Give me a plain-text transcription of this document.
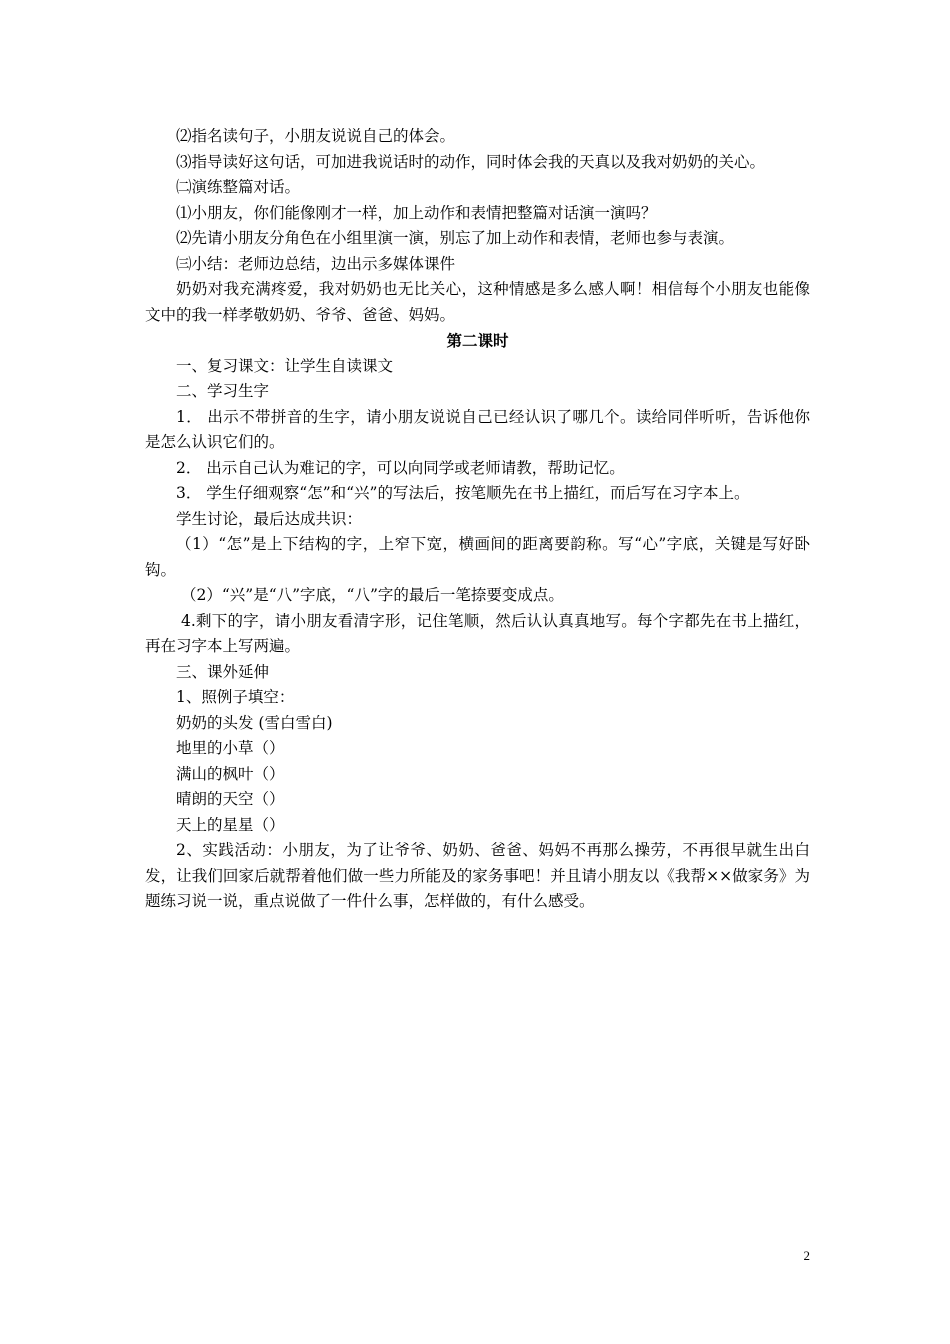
⑵指名读句子，小朋友说说自己的体会。

⑶指导读好这句话，可加进我说话时的动作，同时体会我的天真以及我对奶奶的关心。

㈡演练整篇对话。

⑴小朋友，你们能像刚才一样，加上动作和表情把整篇对话演一演吗？

⑵先请小朋友分角色在小组里演一演，别忘了加上动作和表情，老师也参与表演。

㈢小结：老师边总结，边出示多媒体课件

奶奶对我充满疼爱，我对奶奶也无比关心，这种情感是多么感人啊！相信每个小朋友也能像文中的我一样孝敬奶奶、爷爷、爸爸、妈妈。

第二课时

一、复习课文：让学生自读课文

二、学习生字

1． 出示不带拼音的生字，请小朋友说说自己已经认识了哪几个。读给同伴听听，告诉他你是怎么认识它们的。

2． 出示自己认为难记的字，可以向同学或老师请教，帮助记忆。

3． 学生仔细观察“怎”和“兴”的写法后，按笔顺先在书上描红，而后写在习字本上。

学生讨论，最后达成共识：

（1）“怎”是上下结构的字，上窄下宽，横画间的距离要韵称。写“心”字底，关键是写好卧钩。

（2）“兴”是“八”字底，“八”字的最后一笔捺要变成点。

4.剩下的字，请小朋友看清字形，记住笔顺，然后认认真真地写。每个字都先在书上描红，再在习字本上写两遍。

三、课外延伸

1、照例子填空：

奶奶的头发 (雪白雪白)

地里的小草（）

满山的枫叶（）

晴朗的天空（）

天上的星星（）

2、实践活动：小朋友，为了让爷爷、奶奶、爸爸、妈妈不再那么操劳，不再很早就生出白发，让我们回家后就帮着他们做一些力所能及的家务事吧！并且请小朋友以《我帮××做家务》为题练习说一说，重点说做了一件什么事，怎样做的，有什么感受。

2
